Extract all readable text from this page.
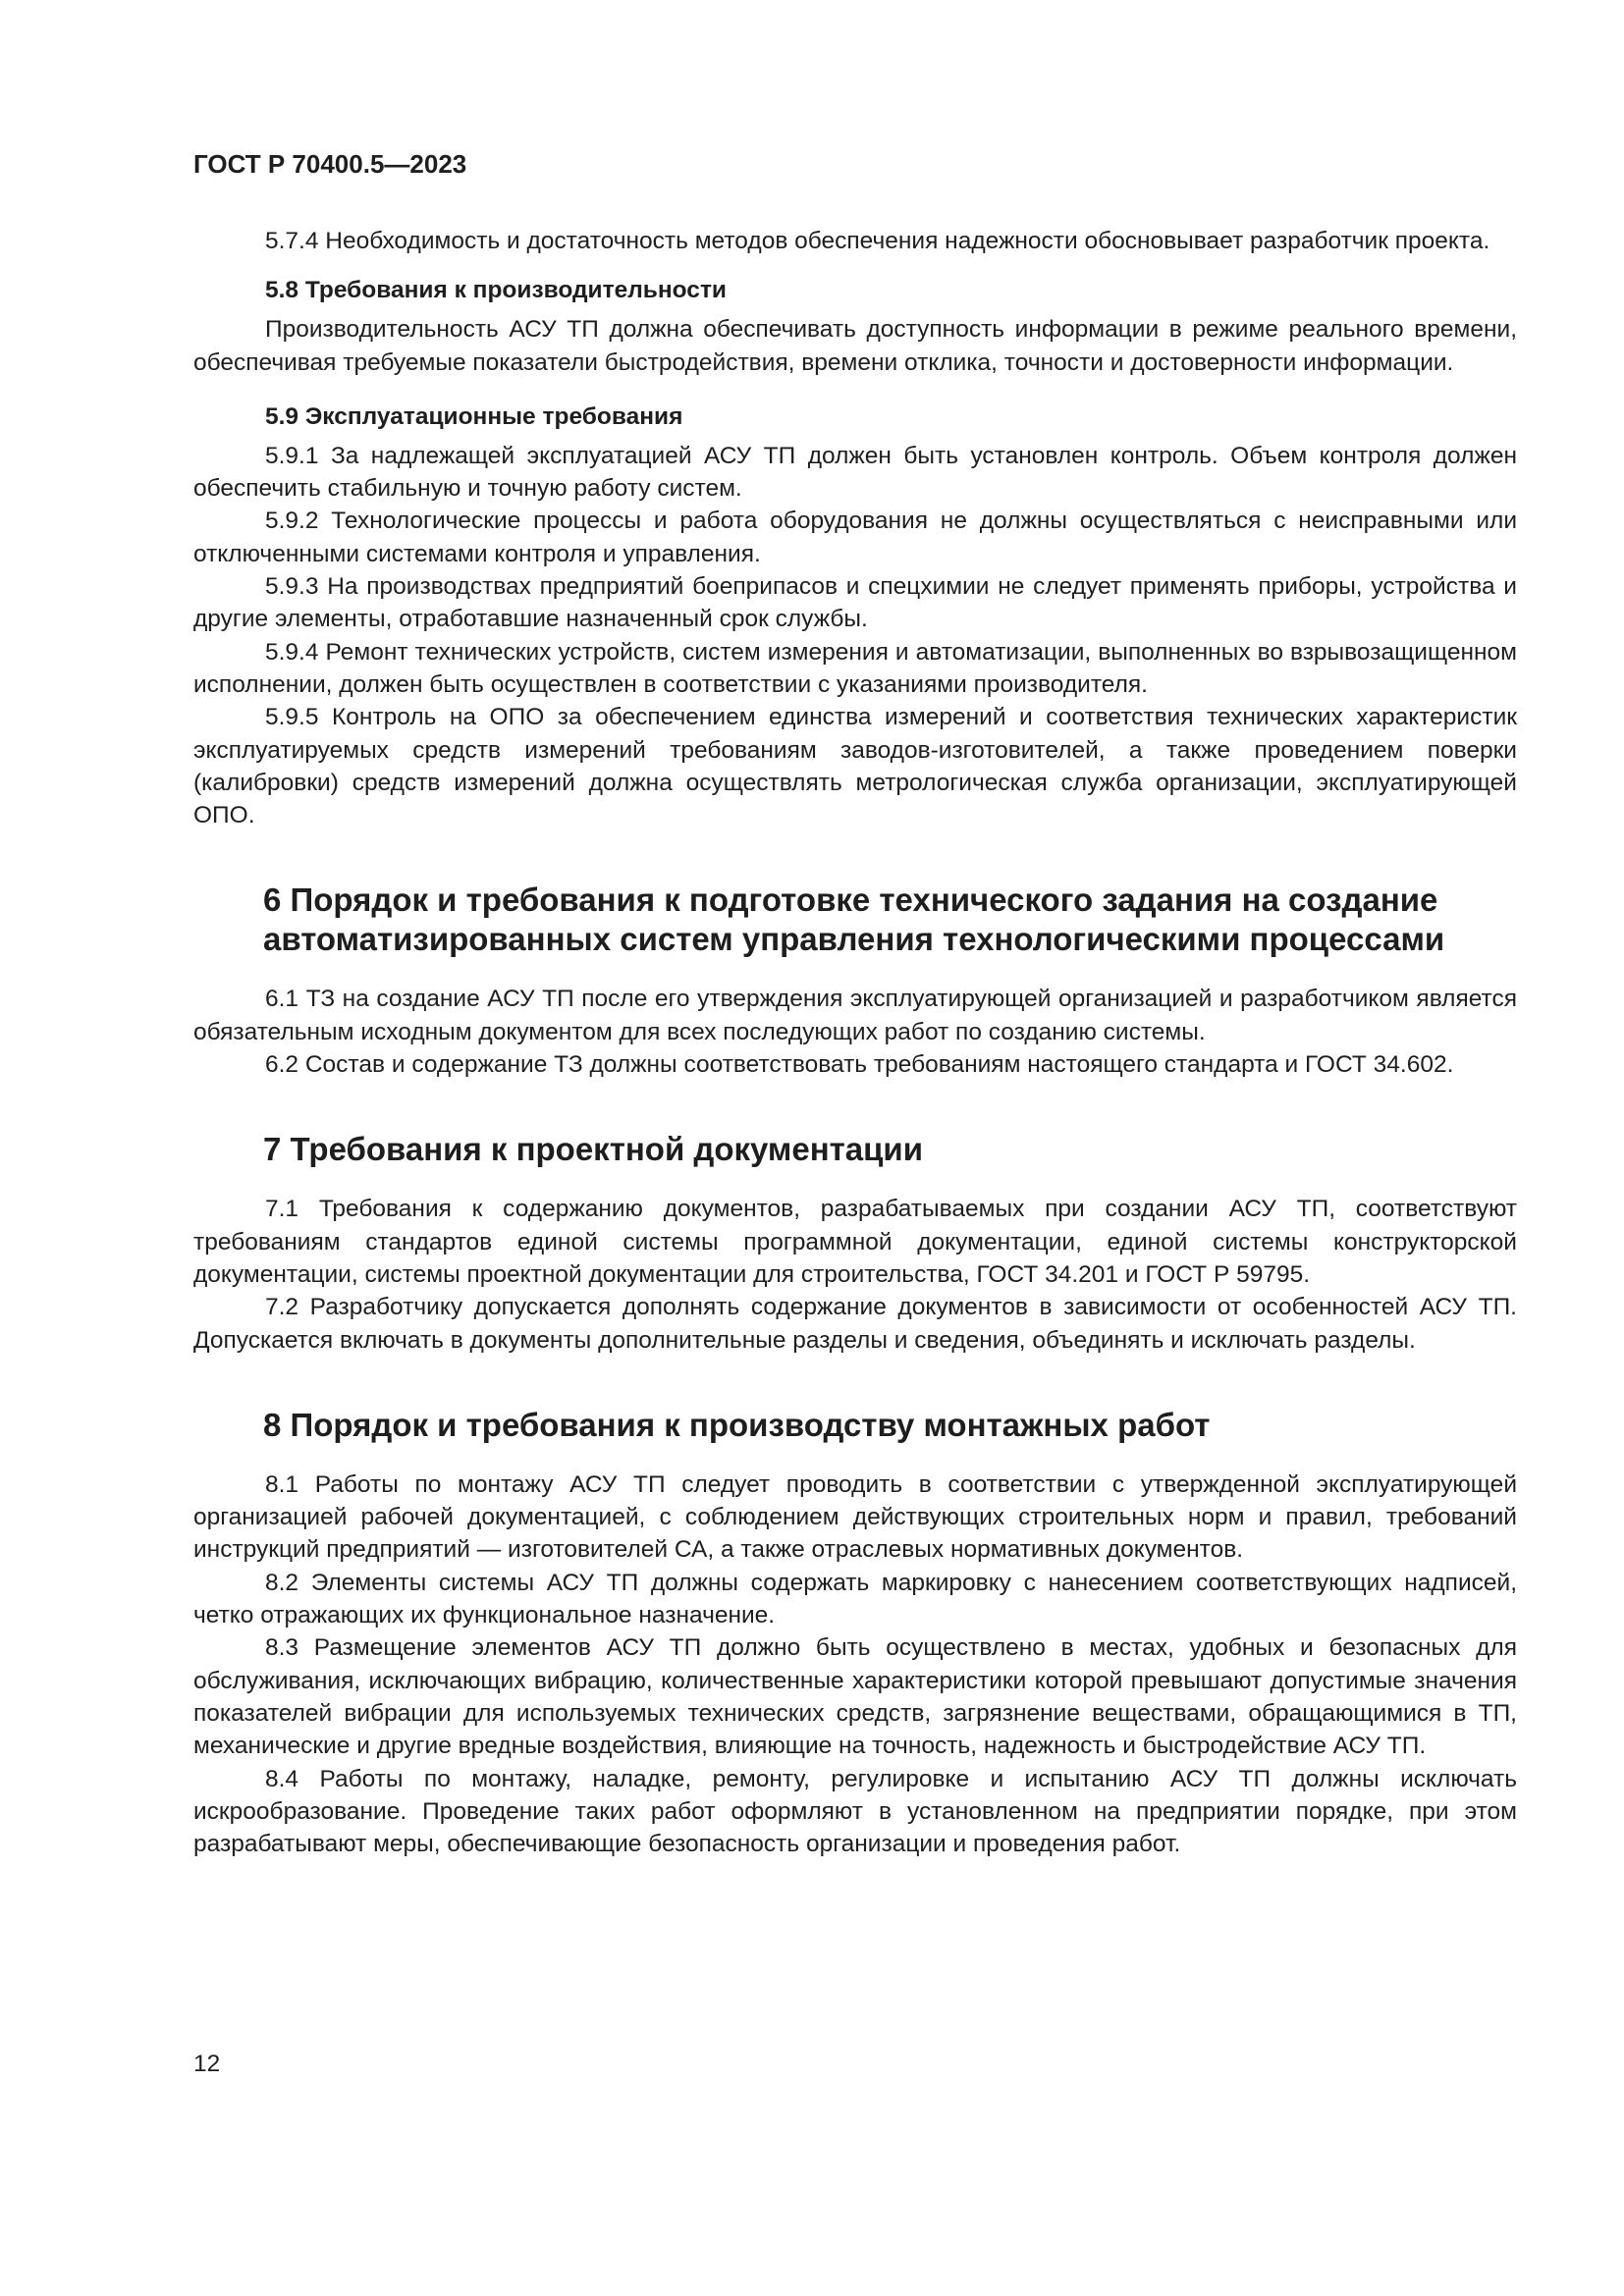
ГОСТ Р 70400.5—2023

5.7.4 Необходимость и достаточность методов обеспечения надежности обосновывает разработчик проекта.

5.8 Требования к производительности

Производительность АСУ ТП должна обеспечивать доступность информации в режиме реального времени, обеспечивая требуемые показатели быстродействия, времени отклика, точности и достоверности информации.

5.9 Эксплуатационные требования

5.9.1 За надлежащей эксплуатацией АСУ ТП должен быть установлен контроль. Объем контроля должен обеспечить стабильную и точную работу систем.

5.9.2 Технологические процессы и работа оборудования не должны осуществляться с неисправными или отключенными системами контроля и управления.

5.9.3 На производствах предприятий боеприпасов и спецхимии не следует применять приборы, устройства и другие элементы, отработавшие назначенный срок службы.

5.9.4 Ремонт технических устройств, систем измерения и автоматизации, выполненных во взрывозащищенном исполнении, должен быть осуществлен в соответствии с указаниями производителя.

5.9.5 Контроль на ОПО за обеспечением единства измерений и соответствия технических характеристик эксплуатируемых средств измерений требованиям заводов-изготовителей, а также проведением поверки (калибровки) средств измерений должна осуществлять метрологическая служба организации, эксплуатирующей ОПО.

6 Порядок и требования к подготовке технического задания на создание автоматизированных систем управления технологическими процессами

6.1 ТЗ на создание АСУ ТП после его утверждения эксплуатирующей организацией и разработчиком является обязательным исходным документом для всех последующих работ по созданию системы.

6.2 Состав и содержание ТЗ должны соответствовать требованиям настоящего стандарта и ГОСТ 34.602.

7 Требования к проектной документации

7.1 Требования к содержанию документов, разрабатываемых при создании АСУ ТП, соответствуют требованиям стандартов единой системы программной документации, единой системы конструкторской документации, системы проектной документации для строительства, ГОСТ 34.201 и ГОСТ Р 59795.

7.2 Разработчику допускается дополнять содержание документов в зависимости от особенностей АСУ ТП. Допускается включать в документы дополнительные разделы и сведения, объединять и исключать разделы.

8 Порядок и требования к производству монтажных работ

8.1 Работы по монтажу АСУ ТП следует проводить в соответствии с утвержденной эксплуатирующей организацией рабочей документацией, с соблюдением действующих строительных норм и правил, требований инструкций предприятий — изготовителей СА, а также отраслевых нормативных документов.

8.2 Элементы системы АСУ ТП должны содержать маркировку с нанесением соответствующих надписей, четко отражающих их функциональное назначение.

8.3 Размещение элементов АСУ ТП должно быть осуществлено в местах, удобных и безопасных для обслуживания, исключающих вибрацию, количественные характеристики которой превышают допустимые значения показателей вибрации для используемых технических средств, загрязнение веществами, обращающимися в ТП, механические и другие вредные воздействия, влияющие на точность, надежность и быстродействие АСУ ТП.

8.4 Работы по монтажу, наладке, ремонту, регулировке и испытанию АСУ ТП должны исключать искрообразование. Проведение таких работ оформляют в установленном на предприятии порядке, при этом разрабатывают меры, обеспечивающие безопасность организации и проведения работ.

12
